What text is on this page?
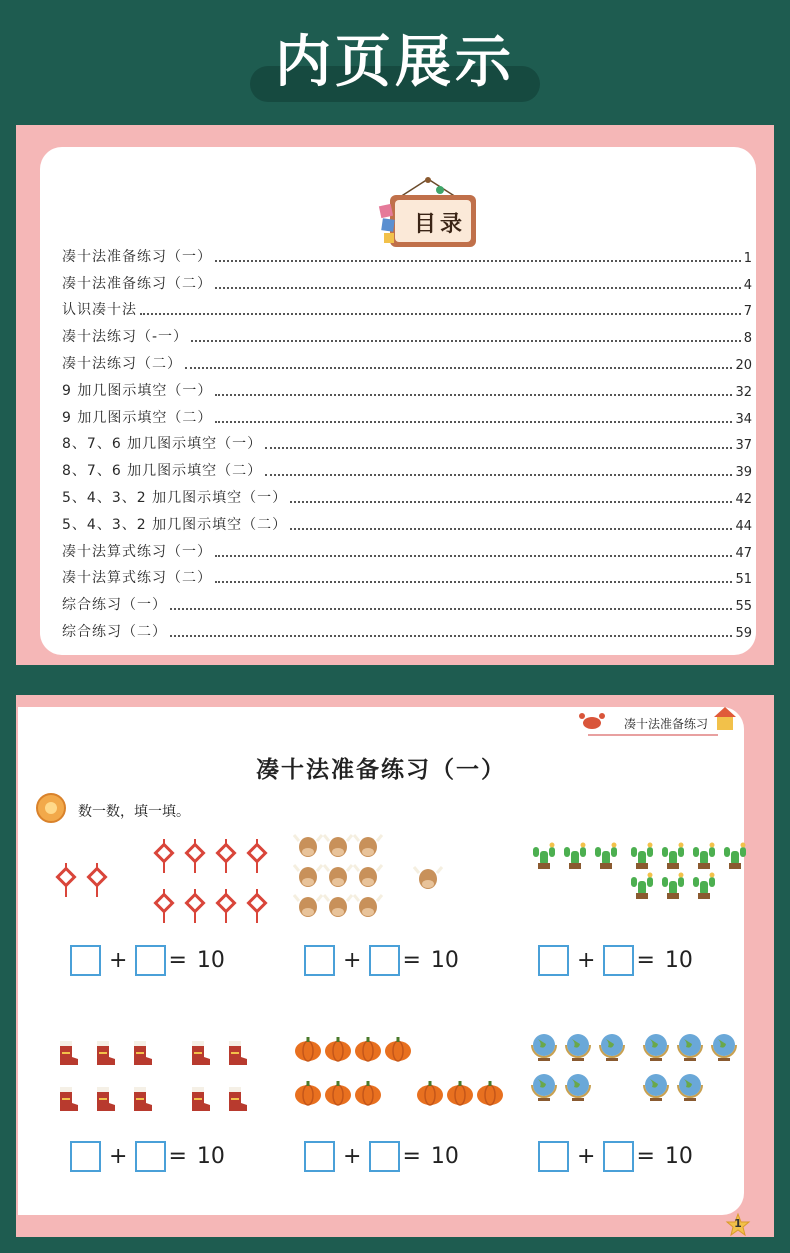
内页展示
目录
凑十法准备练习（一）	1
凑十法准备练习（二）	4
认识凑十法	7
凑十法练习（-一）	8
凑十法练习（二）	20
9 加几图示填空（一）	32
9 加几图示填空（二）	34
8、7、6 加几图示填空（一）	37
8、7、6 加几图示填空（二）	39
5、4、3、2 加几图示填空（一）	42
5、4、3、2 加几图示填空（二）	44
凑十法算式练习（一）	47
凑十法算式练习（二）	51
综合练习（一）	55
综合练习（二）	59
凑十法准备练习
凑十法准备练习（一）
数一数，填一填。
+ = 10	+ = 10	+ = 10
+ = 10	+ = 10	+ = 10
1
